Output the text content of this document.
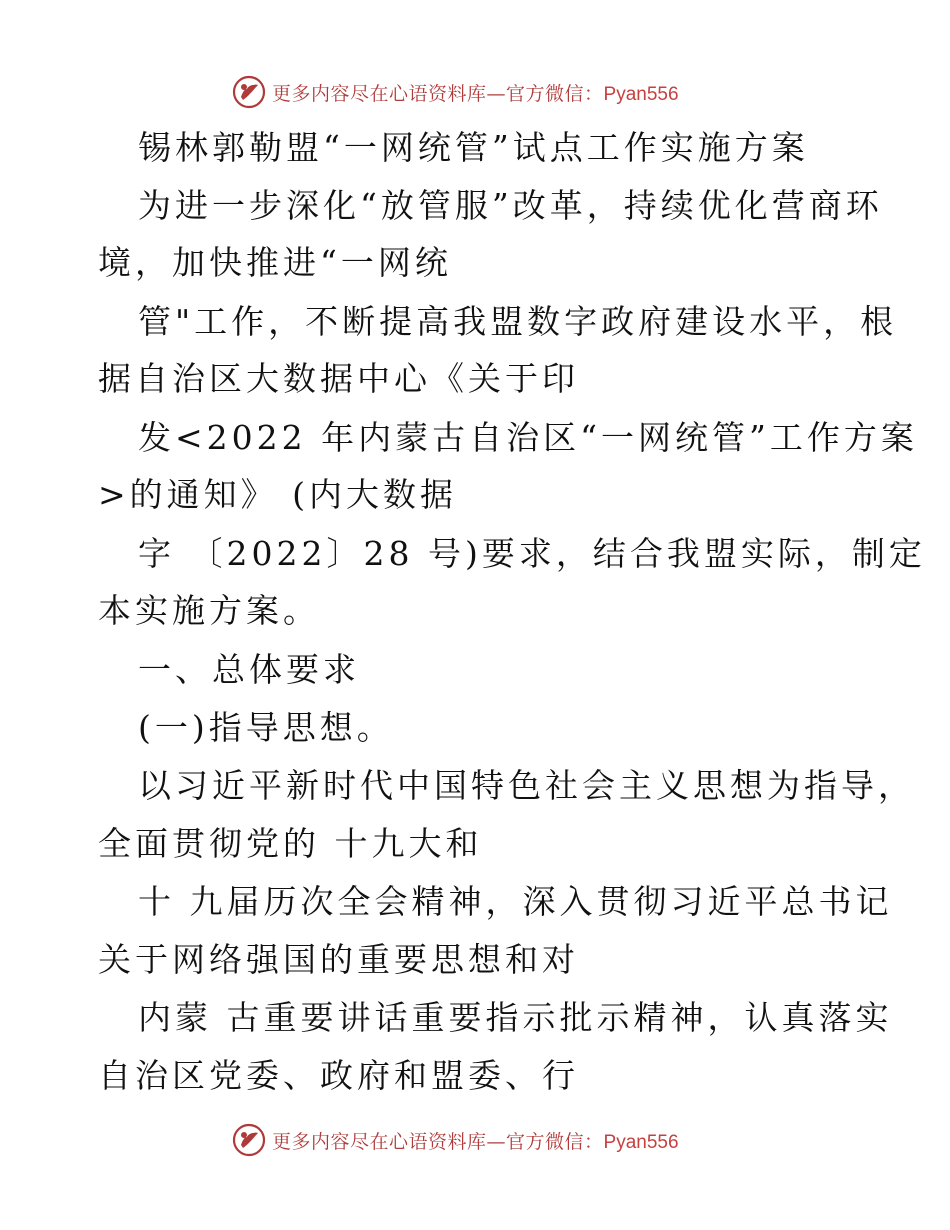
更多内容尽在心语资料库—官方微信：Pyan556
锡林郭勒盟“一网统管”试点工作实施方案
为进一步深化“放管服”改革，持续优化营商环
境，加快推进“一网统
管"工作，不断提高我盟数字政府建设水平，根
据自治区大数据中心《关于印
发<2022 年内蒙古自治区“一网统管”工作方案
>的通知》 (内大数据
字 〔2022〕28 号)要求，结合我盟实际，制定
本实施方案。
一、总体要求
(一)指导思想。
以习近平新时代中国特色社会主义思想为指导，
全面贯彻党的 十九大和
十 九届历次全会精神，深入贯彻习近平总书记
关于网络强国的重要思想和对
内蒙 古重要讲话重要指示批示精神，认真落实
自治区党委、政府和盟委、行
更多内容尽在心语资料库—官方微信：Pyan556
